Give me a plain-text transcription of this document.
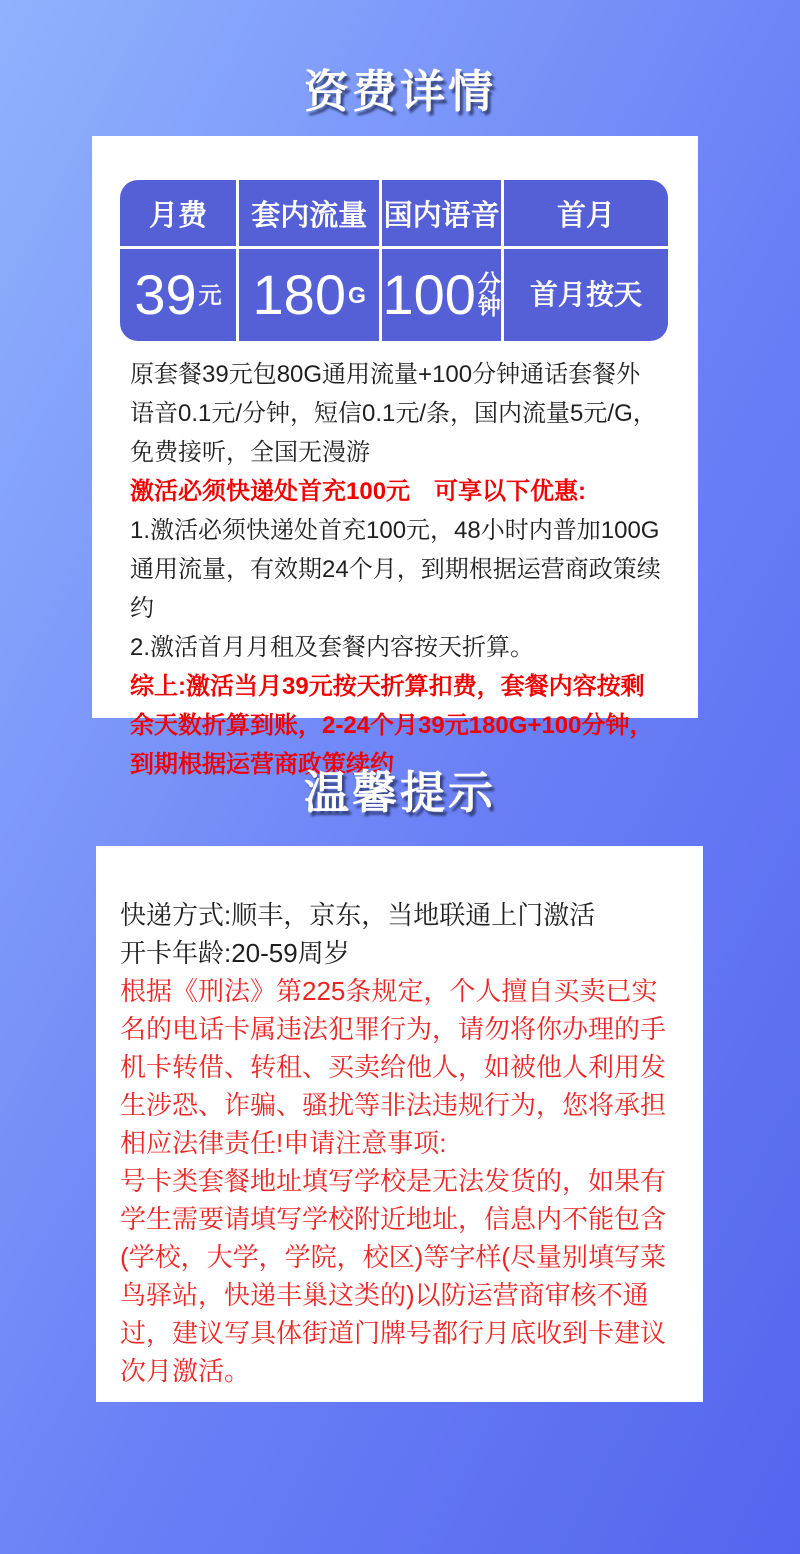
资费详情
月费	套内流量 国内语音	首月
39 元 180 G 100 分钟 首月按天

原套餐39元包80G通用流量+100分钟通话套餐外语音0.1元/分钟，短信0.1元/条，国内流量5元/G，免费接听，全国无漫游

激活必须快递处首充100元　可享以下优惠:

1.激活必须快递处首充100元，48小时内普加100G通用流量，有效期24个月，到期根据运营商政策续约

2.激活首月月租及套餐内容按天折算。

综上:激活当月39元按天折算扣费，套餐内容按剩余天数折算到账，2-24个月39元180G+100分钟，到期根据运营商政策续约

温馨提示

快递方式:顺丰，京东，当地联通上门激活

开卡年龄:20-59周岁

根据《刑法》第225条规定，个人擅自买卖已实名的电话卡属违法犯罪行为，请勿将你办理的手机卡转借、转租、买卖给他人，如被他人利用发生涉恐、诈骗、骚扰等非法违规行为，您将承担相应法律责任!申请注意事项:

号卡类套餐地址填写学校是无法发货的，如果有学生需要请填写学校附近地址，信息内不能包含(学校，大学，学院，校区)等字样(尽量别填写菜鸟驿站，快递丰巢这类的)以防运营商审核不通过，建议写具体街道门牌号都行月底收到卡建议次月激活。
